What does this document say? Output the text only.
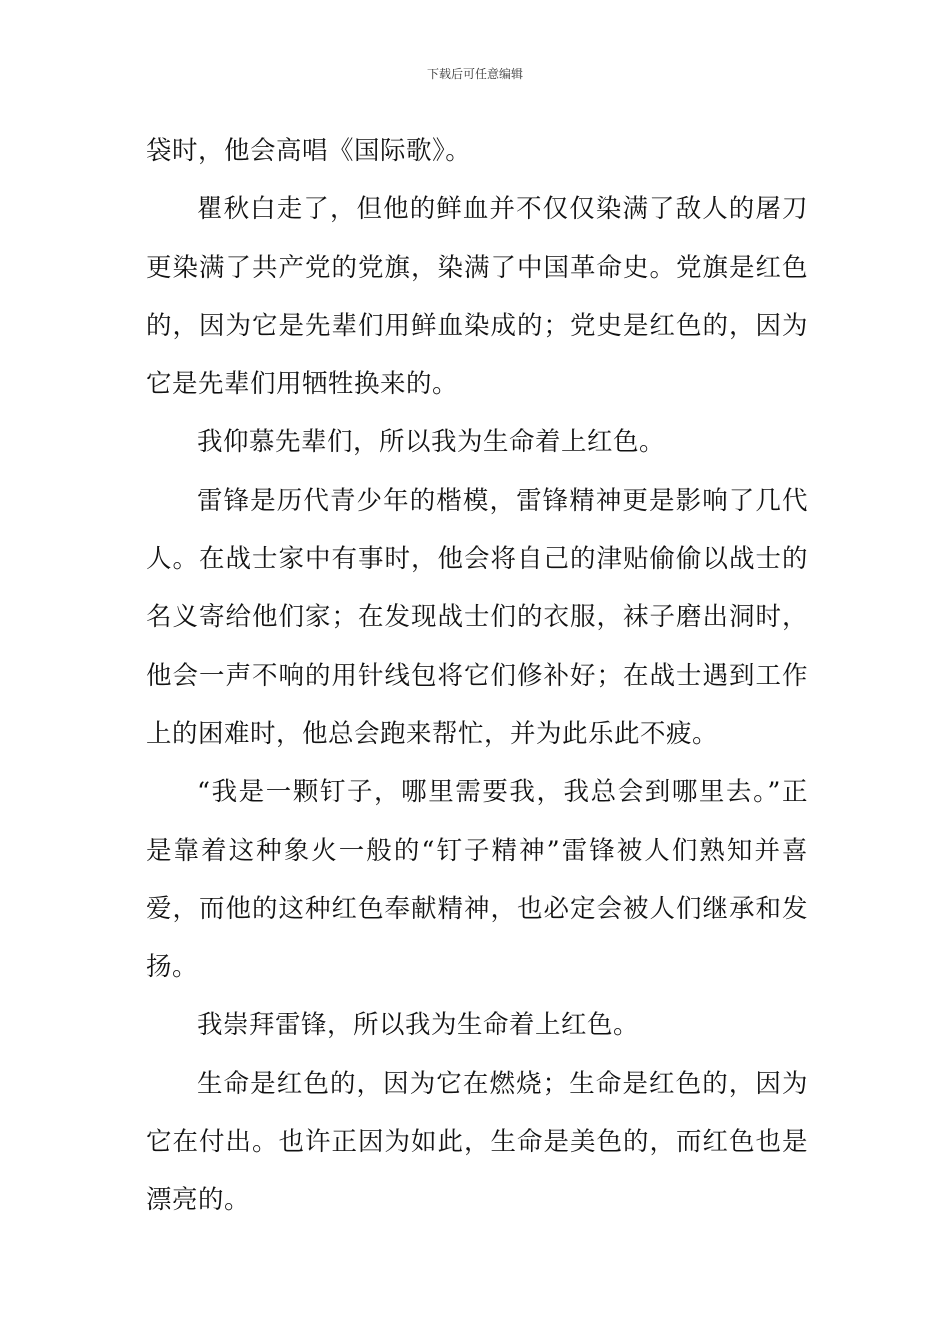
下载后可任意编辑

袋时，他会高唱《国际歌》。

瞿秋白走了，但他的鲜血并不仅仅染满了敌人的屠刀更染满了共产党的党旗，染满了中国革命史。党旗是红色的，因为它是先辈们用鲜血染成的；党史是红色的，因为它是先辈们用牺牲换来的。

我仰慕先辈们，所以我为生命着上红色。

雷锋是历代青少年的楷模，雷锋精神更是影响了几代人。在战士家中有事时，他会将自己的津贴偷偷以战士的名义寄给他们家；在发现战士们的衣服，袜子磨出洞时，他会一声不响的用针线包将它们修补好；在战士遇到工作上的困难时，他总会跑来帮忙，并为此乐此不疲。

“我是一颗钉子，哪里需要我，我总会到哪里去。”正是靠着这种象火一般的“钉子精神”雷锋被人们熟知并喜爱，而他的这种红色奉献精神，也必定会被人们继承和发扬。

我崇拜雷锋，所以我为生命着上红色。

生命是红色的，因为它在燃烧；生命是红色的，因为它在付出。也许正因为如此，生命是美色的，而红色也是漂亮的。
